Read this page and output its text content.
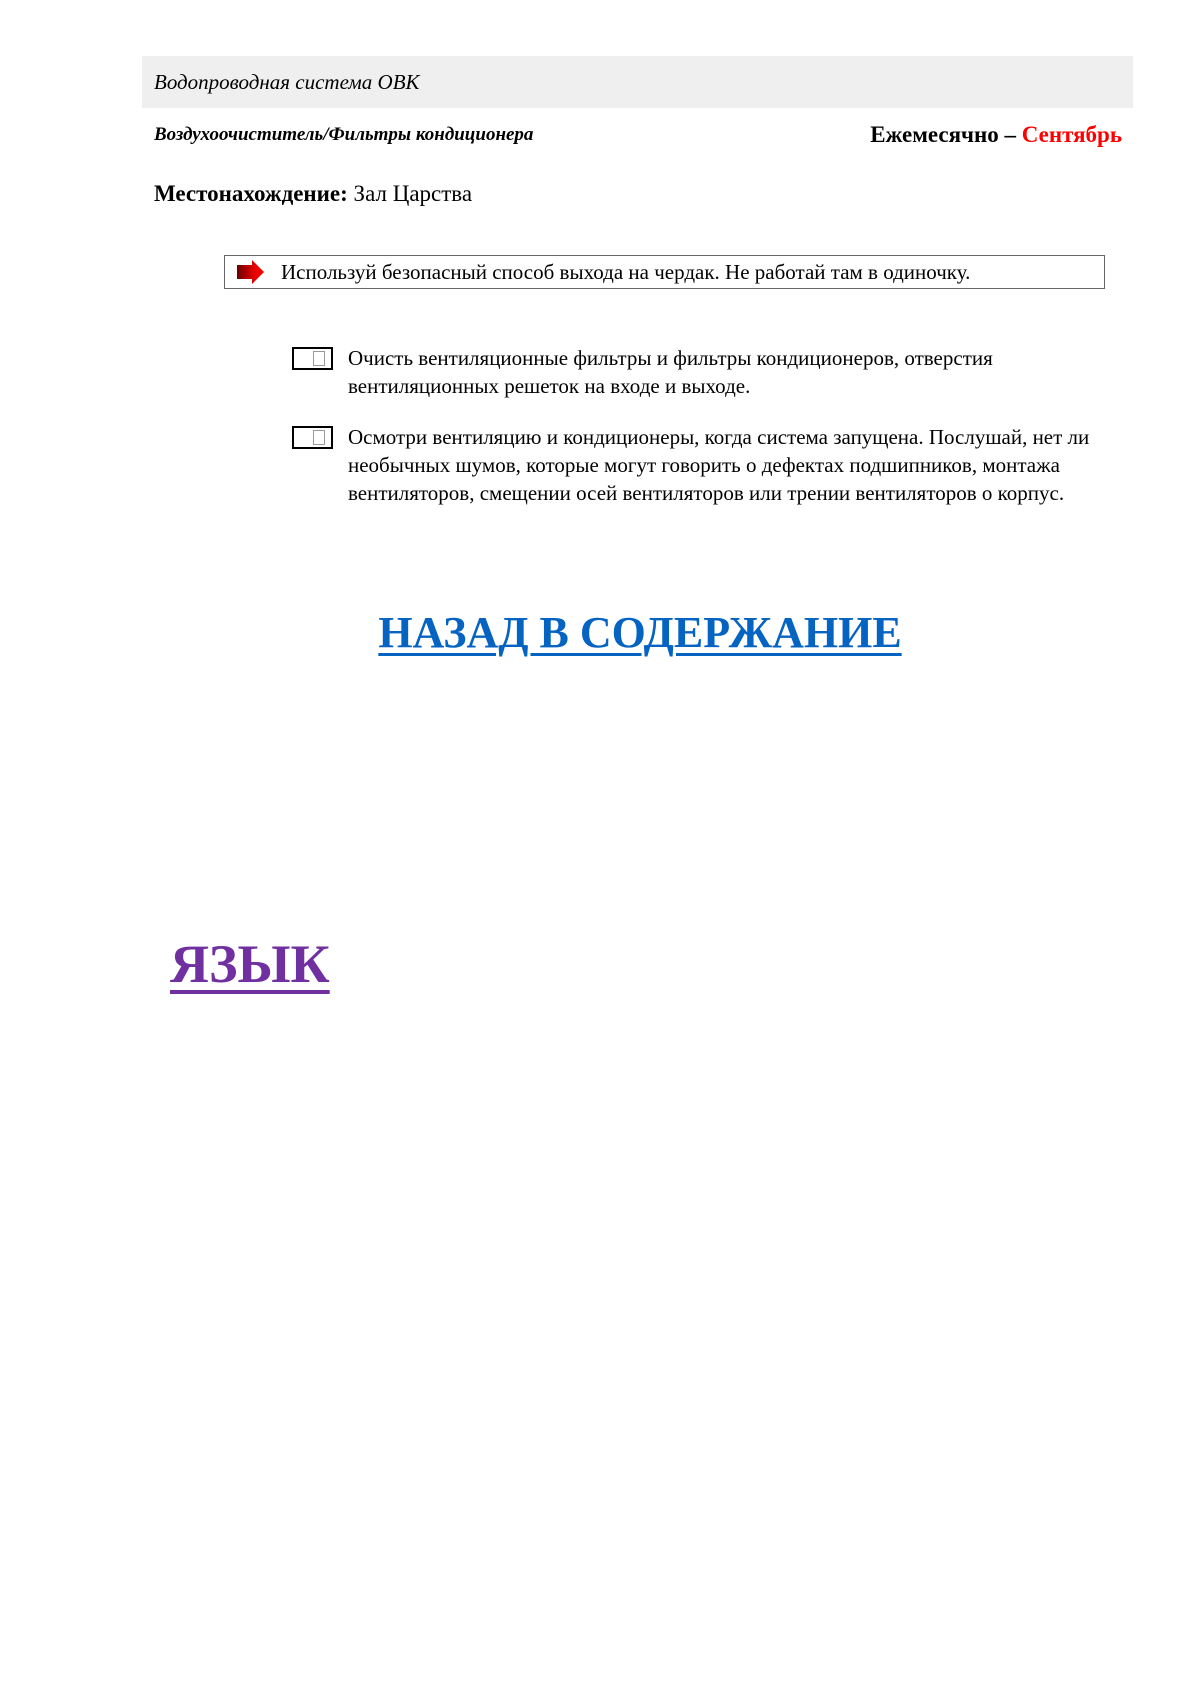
Водопроводная система ОВК
Воздухоочиститель/Фильтры кондиционера	Ежемесячно – Сентябрь
Местонахождение: Зал Царства
Используй безопасный способ выхода на чердак. Не работай там в одиночку.
Очисть вентиляционные фильтры и фильтры кондиционеров, отверстия вентиляционных решеток на входе и выходе.
Осмотри вентиляцию и кондиционеры, когда система запущена. Послушай, нет ли необычных шумов, которые могут говорить о дефектах подшипников, монтажа вентиляторов, смещении осей вентиляторов или трении вентиляторов о корпус.
НАЗАД В СОДЕРЖАНИЕ
ЯЗЫК
